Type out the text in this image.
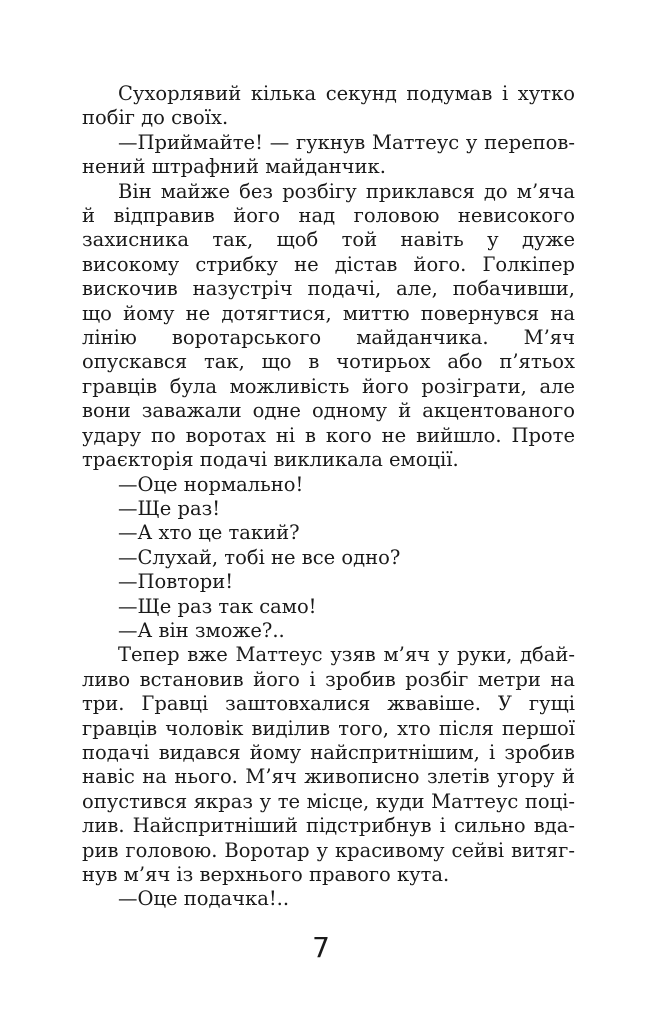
Сухорлявий кілька секунд подумав і хутко побіг до своїх.

—Приймайте! — гукнув Маттеус у переповнений штрафний майданчик.

Він майже без розбігу приклався до м’яча й відправив його над головою невисокого захисника так, щоб той навіть у дуже високому стрибку не дістав його. Голкіпер вискочив назустріч подачі, але, побачивши, що йому не дотягтися, миттю повернувся на лінію воротарського майданчика. М’яч опускався так, що в чотирьох або п’ятьох гравців була можливість його розіграти, але вони заважали одне одному й акцентованого удару по воротах ні в кого не вийшло. Проте траєкторія подачі викликала емоції.

—Оце нормально!

—Ще раз!

—А хто це такий?

—Слухай, тобі не все одно?

—Повтори!

—Ще раз так само!

—А він зможе?..

Тепер вже Маттеус узяв м’яч у руки, дбайливо встановив його і зробив розбіг метри на три. Гравці заштовхалися жвавіше. У гущі гравців чоловік виділив того, хто після першої подачі видався йому найспритнішим, і зробив навіс на нього. М’яч живописно злетів угору й опустився якраз у те місце, куди Маттеус поцілив. Найспритніший підстрибнув і сильно вдарив головою. Воротар у красивому сейві витягнув м’яч із верхнього правого кута.

—Оце подачка!..

7
